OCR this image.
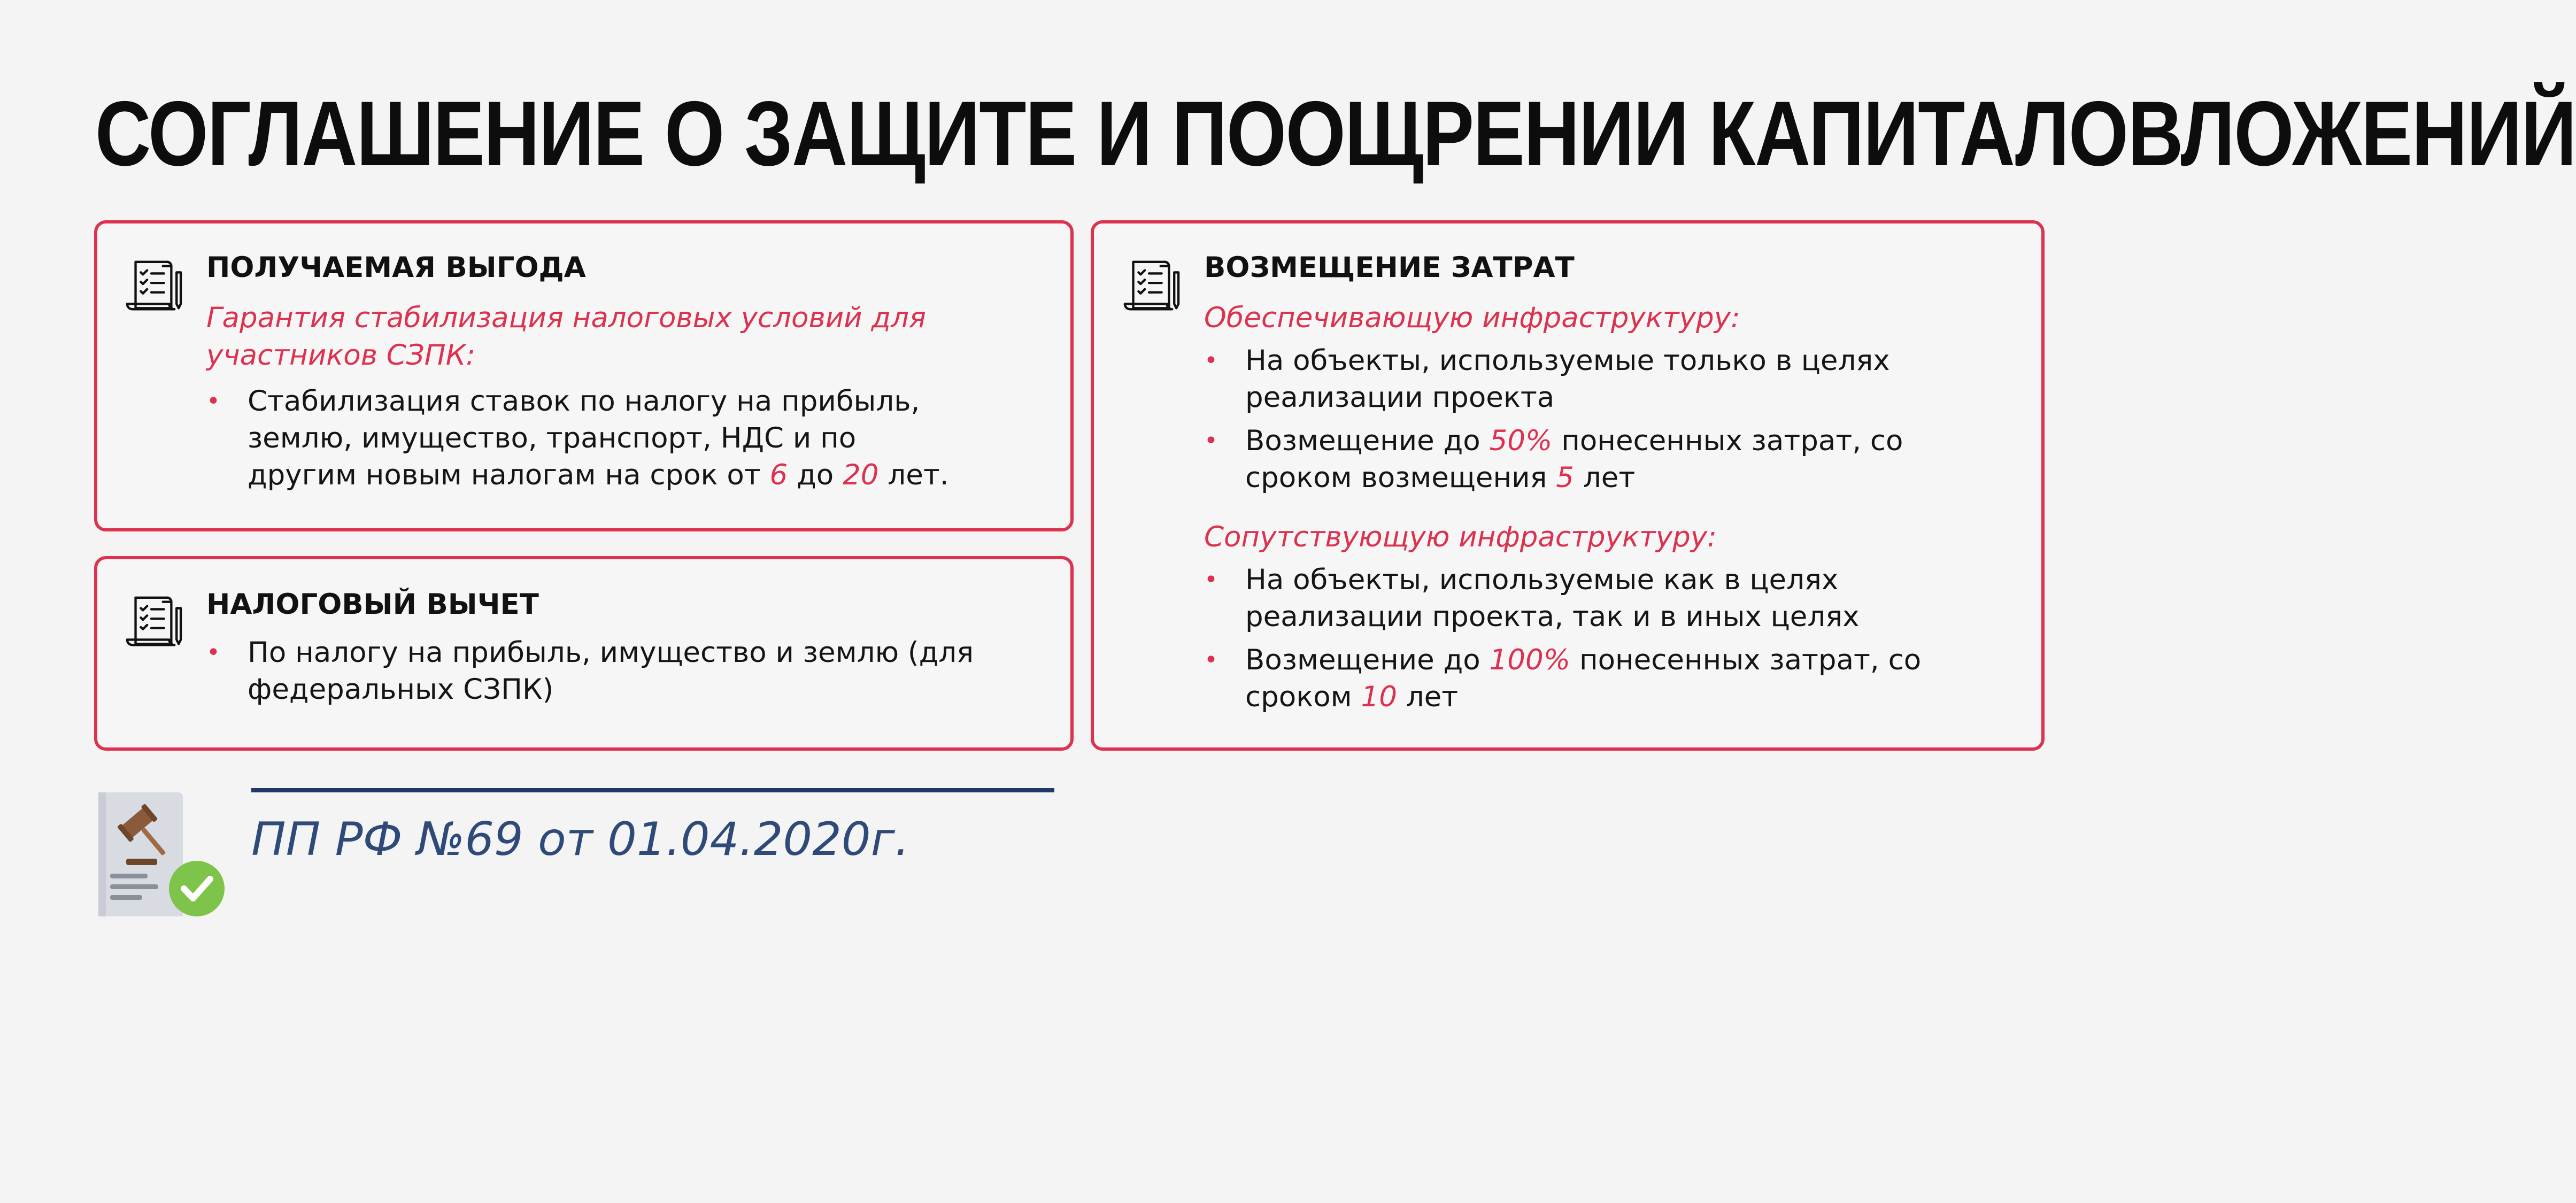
СОГЛАШЕНИЕ О ЗАЩИТЕ И ПООЩРЕНИИ КАПИТАЛОВЛОЖЕНИЙ

ПОЛУЧАЕМАЯ ВЫГОДА

Гарантия стабилизация налоговых условий для
участников СЗПК:

• Стабилизация ставок по налогу на прибыль,
землю, имущество, транспорт, НДС и по
другим новым налогам на срок от 6 до 20 лет.

НАЛОГОВЫЙ ВЫЧЕТ

• По налогу на прибыль, имущество и землю (для
федеральных СЗПК)

ВОЗМЕЩЕНИЕ ЗАТРАТ

Обеспечивающую инфраструктуру:

• На объекты, используемые только в целях
реализации проекта
• Возмещение до 50% понесенных затрат, со
сроком возмещения 5 лет

Сопутствующую инфраструктуру:

• На объекты, используемые как в целях
реализации проекта, так и в иных целях
• Возмещение до 100% понесенных затрат, со
сроком 10 лет

ПП РФ №69 от 01.04.2020г.
